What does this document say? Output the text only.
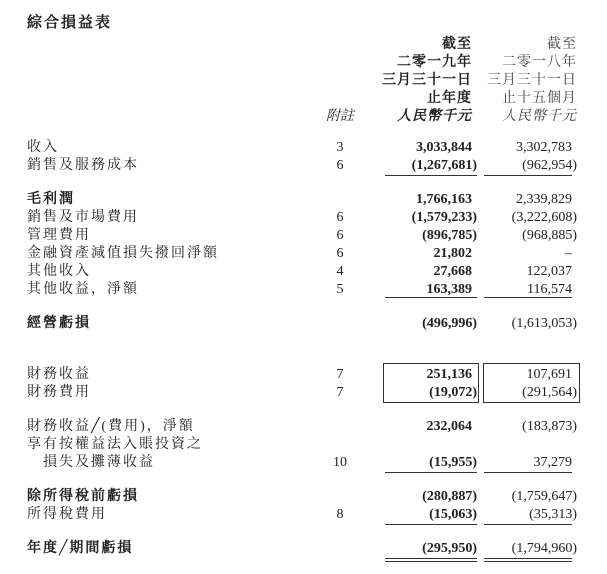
綜合損益表
截至	截至
二零一九年 二零一八年
三月三十一日 三月三十一日
止年度 止十五個月
人民幣千元 人民幣千元
附註
收入	3	3,033,844	3,302,783
銷售及服務成本	6	(1,267,681)	(962,954)
毛利潤	1,766,163	2,339,829
銷售及市場費用	6	(1,579,233) (3,222,608)
管理費用	6	(896,785)	(968,885)
金融資產減值損失撥回淨額	6	21,802	–
其他收入	4	27,668	122,037
其他收益，淨額	5	163,389	116,574
經營虧損	(496,996) (1,613,053)
財務收益	7	251,136	107,691
財務費用	7	(19,072)	(291,564)
財務收益╱(費用)，淨額	232,064	(183,873)
享有按權益法入賬投資之
　損失及攤薄收益	10	(15,955)	37,279
除所得稅前虧損	(280,887) (1,759,647)
所得稅費用	8	(15,063)	(35,313)
年度╱期間虧損	(295,950) (1,794,960)
